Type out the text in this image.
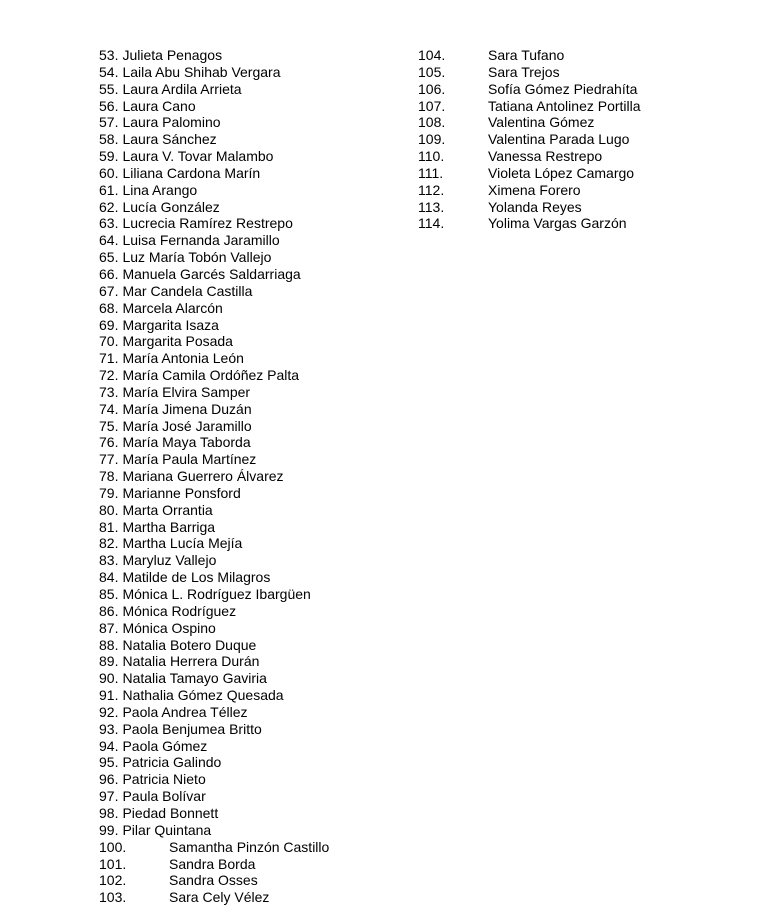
53. Julieta Penagos
54. Laila Abu Shihab Vergara
55. Laura Ardila Arrieta
56. Laura Cano
57. Laura Palomino
58. Laura Sánchez
59. Laura V. Tovar Malambo
60. Liliana Cardona Marín
61. Lina Arango
62. Lucía González
63. Lucrecia Ramírez Restrepo
64. Luisa Fernanda Jaramillo
65. Luz María Tobón Vallejo
66. Manuela Garcés Saldarriaga
67. Mar Candela Castilla
68. Marcela Alarcón
69. Margarita Isaza
70. Margarita Posada
71. María Antonia León
72. María Camila Ordóñez Palta
73. María Elvira Samper
74. María Jimena Duzán
75. María José Jaramillo
76. María Maya Taborda
77. María Paula Martínez
78. Mariana Guerrero Álvarez
79. Marianne Ponsford
80. Marta Orrantia
81. Martha Barriga
82. Martha Lucía Mejía
83. Maryluz Vallejo
84. Matilde de Los Milagros
85. Mónica L. Rodríguez Ibargüen
86. Mónica Rodríguez
87. Mónica Ospino
88. Natalia Botero Duque
89. Natalia Herrera Durán
90. Natalia Tamayo Gaviria
91. Nathalia Gómez Quesada
92. Paola Andrea Téllez
93. Paola Benjumea Britto
94. Paola Gómez
95. Patricia Galindo
96. Patricia Nieto
97. Paula Bolívar
98. Piedad Bonnett
99. Pilar Quintana
100.	Samantha Pinzón Castillo
101.	Sandra Borda
102.	Sandra Osses
103.	Sara Cely Vélez
104.	Sara Tufano
105.	Sara Trejos
106.	Sofía Gómez Piedrahíta
107.	Tatiana Antolinez Portilla
108.	Valentina Gómez
109.	Valentina Parada Lugo
110.	Vanessa Restrepo
111.	Violeta López Camargo
112.	Ximena Forero
113.	Yolanda Reyes
114.	Yolima Vargas Garzón
